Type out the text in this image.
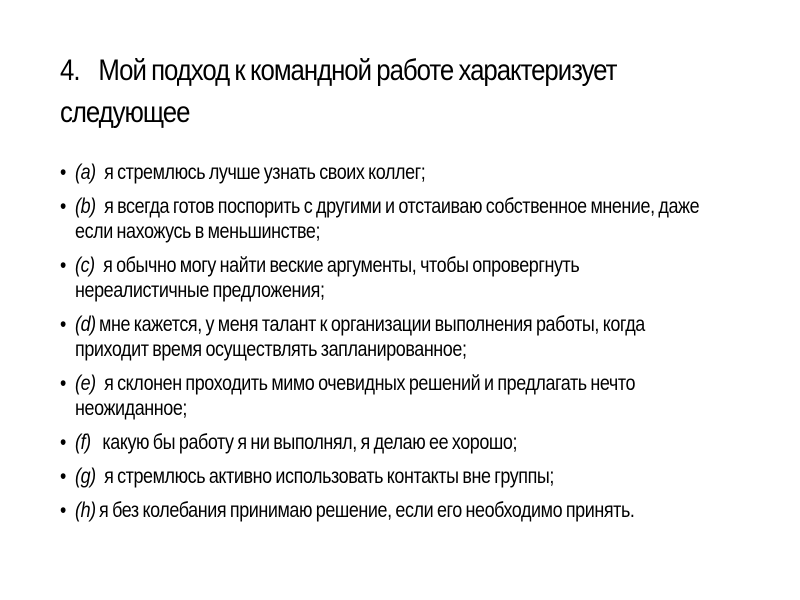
4. Мой подход к командной работе характеризует следующее
• (a) я стремлюсь лучше узнать своих коллег;
• (b) я всегда готов поспорить с другими и отстаиваю собственное мнение, даже если нахожусь в меньшинстве;
• (c) я обычно могу найти веские аргументы, чтобы опровергнуть нереалистичные предложения;
• (d) мне кажется, у меня талант к организации выполнения работы, когда приходит время осуществлять запланированное;
• (e) я склонен проходить мимо очевидных решений и предлагать нечто неожиданное;
• (f) какую бы работу я ни выполнял, я делаю ее хорошо;
• (g) я стремлюсь активно использовать контакты вне группы;
• (h) я без колебания принимаю решение, если его необходимо принять.
